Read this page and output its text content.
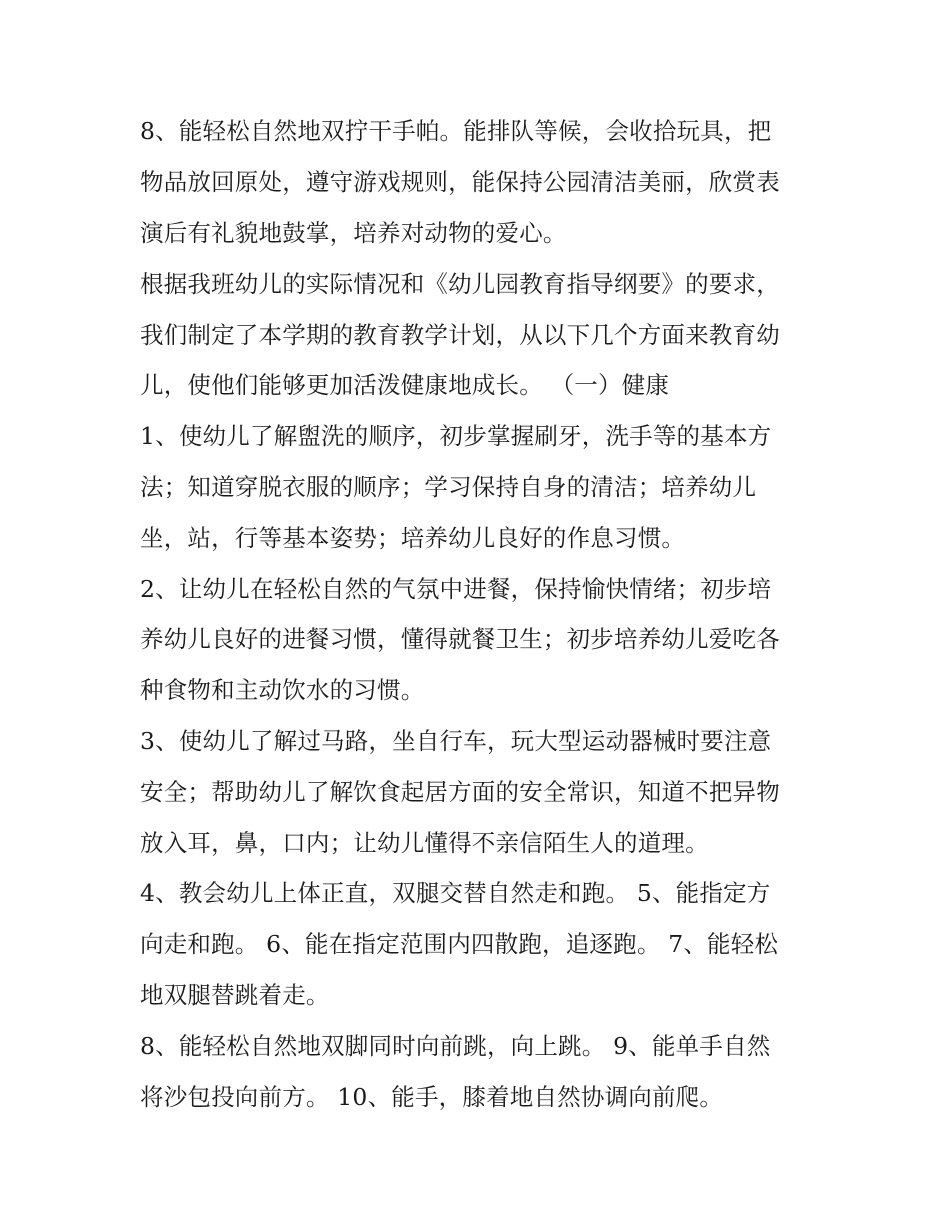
8、能轻松自然地双拧干手帕。能排队等候，会收拾玩具，把

物品放回原处，遵守游戏规则，能保持公园清洁美丽，欣赏表

演后有礼貌地鼓掌，培养对动物的爱心。

根据我班幼儿的实际情况和《幼儿园教育指导纲要》的要求，

我们制定了本学期的教育教学计划，从以下几个方面来教育幼

儿，使他们能够更加活泼健康地成长。 （一）健康

1、使幼儿了解盥洗的顺序，初步掌握刷牙，洗手等的基本方

法；知道穿脱衣服的顺序；学习保持自身的清洁；培养幼儿

坐，站，行等基本姿势；培养幼儿良好的作息习惯。

2、让幼儿在轻松自然的气氛中进餐，保持愉快情绪；初步培

养幼儿良好的进餐习惯，懂得就餐卫生；初步培养幼儿爱吃各

种食物和主动饮水的习惯。

3、使幼儿了解过马路，坐自行车，玩大型运动器械时要注意

安全；帮助幼儿了解饮食起居方面的安全常识，知道不把异物

放入耳，鼻，口内；让幼儿懂得不亲信陌生人的道理。

4、教会幼儿上体正直，双腿交替自然走和跑。 5、能指定方

向走和跑。 6、能在指定范围内四散跑，追逐跑。 7、能轻松

地双腿替跳着走。

8、能轻松自然地双脚同时向前跳，向上跳。 9、能单手自然

将沙包投向前方。 10、能手，膝着地自然协调向前爬。
